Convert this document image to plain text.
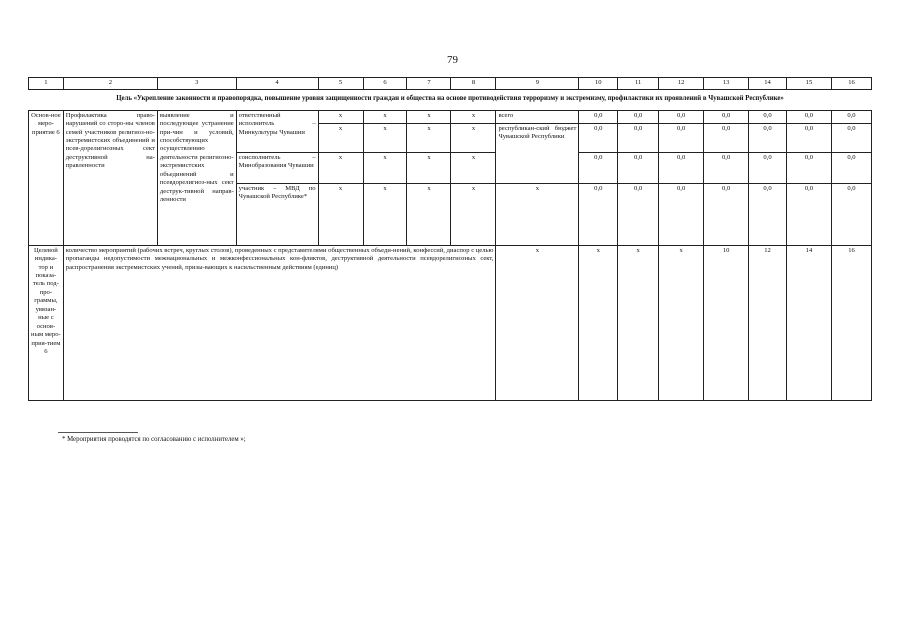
79
1	2	3	4	5	6	7	8	9	10	11	12	13	14	15	16
Цель «Укрепление законности и правопорядка, повышение уровня защищенности граждан и общества на основе противодействия терроризму и экстремизму, профилактики их проявлений в Чувашской Республике»															
Основ-ное меро-приятие 6	Профилактика право-нарушений со сторо-ны членов семей участников религиоз-но-экстремистских объединений и псев-дорелигиозных сект деструктивной на-правленности	выявление и последующее устранение при-чин и условий, способствующих осуществлению деятельности религиозно-экстремистских объединений и псевдорелигиоз-ных сект деструк-тивной направ-ленности	ответственный исполнитель – Минкультуры Чувашии	x	x	x	x	всего	0,0	0,0	0,0	0,0	0,0	0,0	0,0
				x	x	x	x	республикан-ский бюджет Чувашской Республики	0,0	0,0	0,0	0,0	0,0	0,0	0,0
			соисполнитель – Минобразования Чувашии	x	x	x	x		0,0	0,0	0,0	0,0	0,0	0,0	0,0
			участник – МВД по Чувашской Республике*	x	x	x	x	x	0,0	0,0	0,0	0,0	0,0	0,0	0,0
Целевой индика-тор и показа-тель под-про-граммы, увязан-ные с основ-ным меро-прия-тием 6	количество мероприятий (рабочих встреч, круглых столов), проведенных с представителями общественных объеди-нений, конфессий, диаспор с целью пропаганды недопустимости межнациональных и межконфессиональных кон-фликтов, деструктивной деятельности псевдорелигиозных сект, распространения экстремистских учений, призы-вающих к насильственным действиям (единиц)							x	x	x	x	10	12	14	16
* Мероприятия проводятся по согласованию с исполнителем »;
